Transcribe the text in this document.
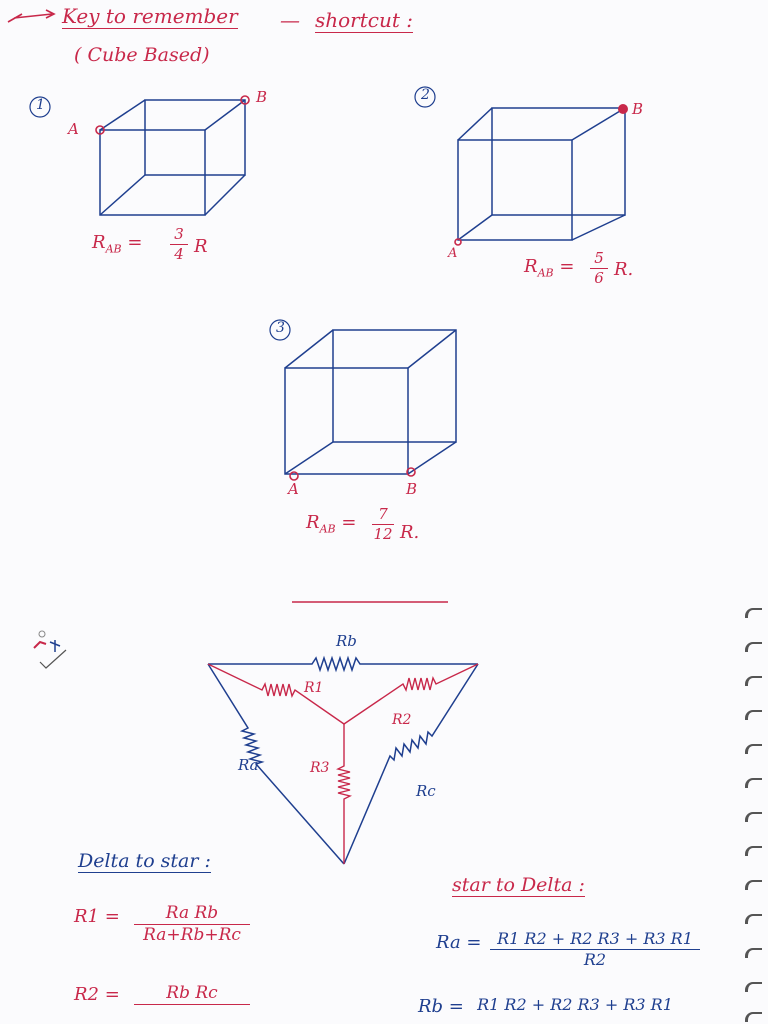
Key to remember — shortcut :
( Cube Based)
1
2
3
A
B
A
B
A	B
$R_{AB} = 3$
4 R
$R_{AB} = 5$
6 R.
$R_{AB}$ =	7
12 R.
Rb
R1
R2
Ra	R3
Rc
Delta to star :
R1 =	Ra Rb
Ra+Rb+Rc
R2 =	Rb Rc
star to Delta :
Ra = R1 R2 + R2 R3 + R3 R1
R2
Rb = R1 R2 + R2 R3 + R3 R1
